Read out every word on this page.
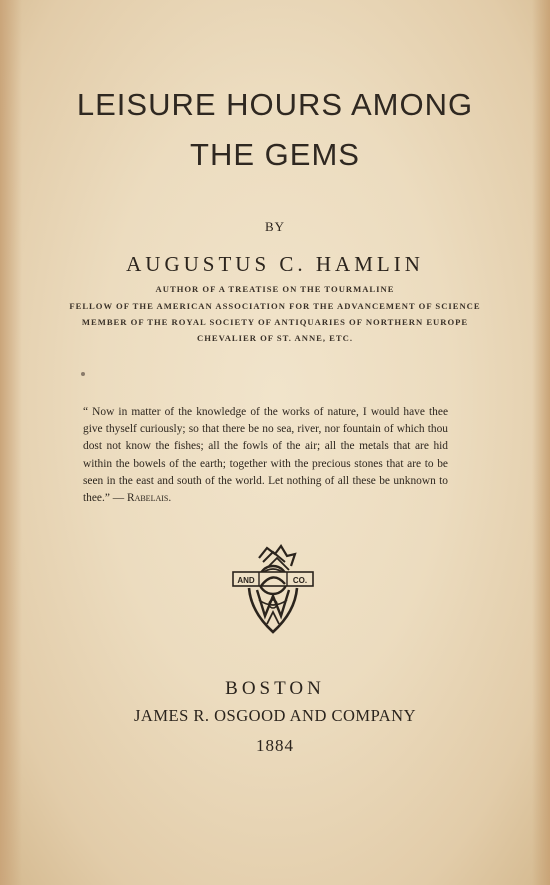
LEISURE HOURS AMONG
THE GEMS
BY
AUGUSTUS C. HAMLIN
AUTHOR OF A TREATISE ON THE TOURMALINE
FELLOW OF THE AMERICAN ASSOCIATION FOR THE ADVANCEMENT OF SCIENCE
MEMBER OF THE ROYAL SOCIETY OF ANTIQUARIES OF NORTHERN EUROPE
CHEVALIER OF ST. ANNE, ETC.
“ Now in matter of the knowledge of the works of nature, I would have thee give thyself curiously; so that there be no sea, river, nor fountain of which thou dost not know the fishes; all the fowls of the air; all the metals that are hid within the bowels of the earth; together with the precious stones that are to be seen in the east and south of the world. Let nothing of all these be unknown to thee.” — Rabelais.
AND	CO.
BOSTON
JAMES R. OSGOOD AND COMPANY
1884
